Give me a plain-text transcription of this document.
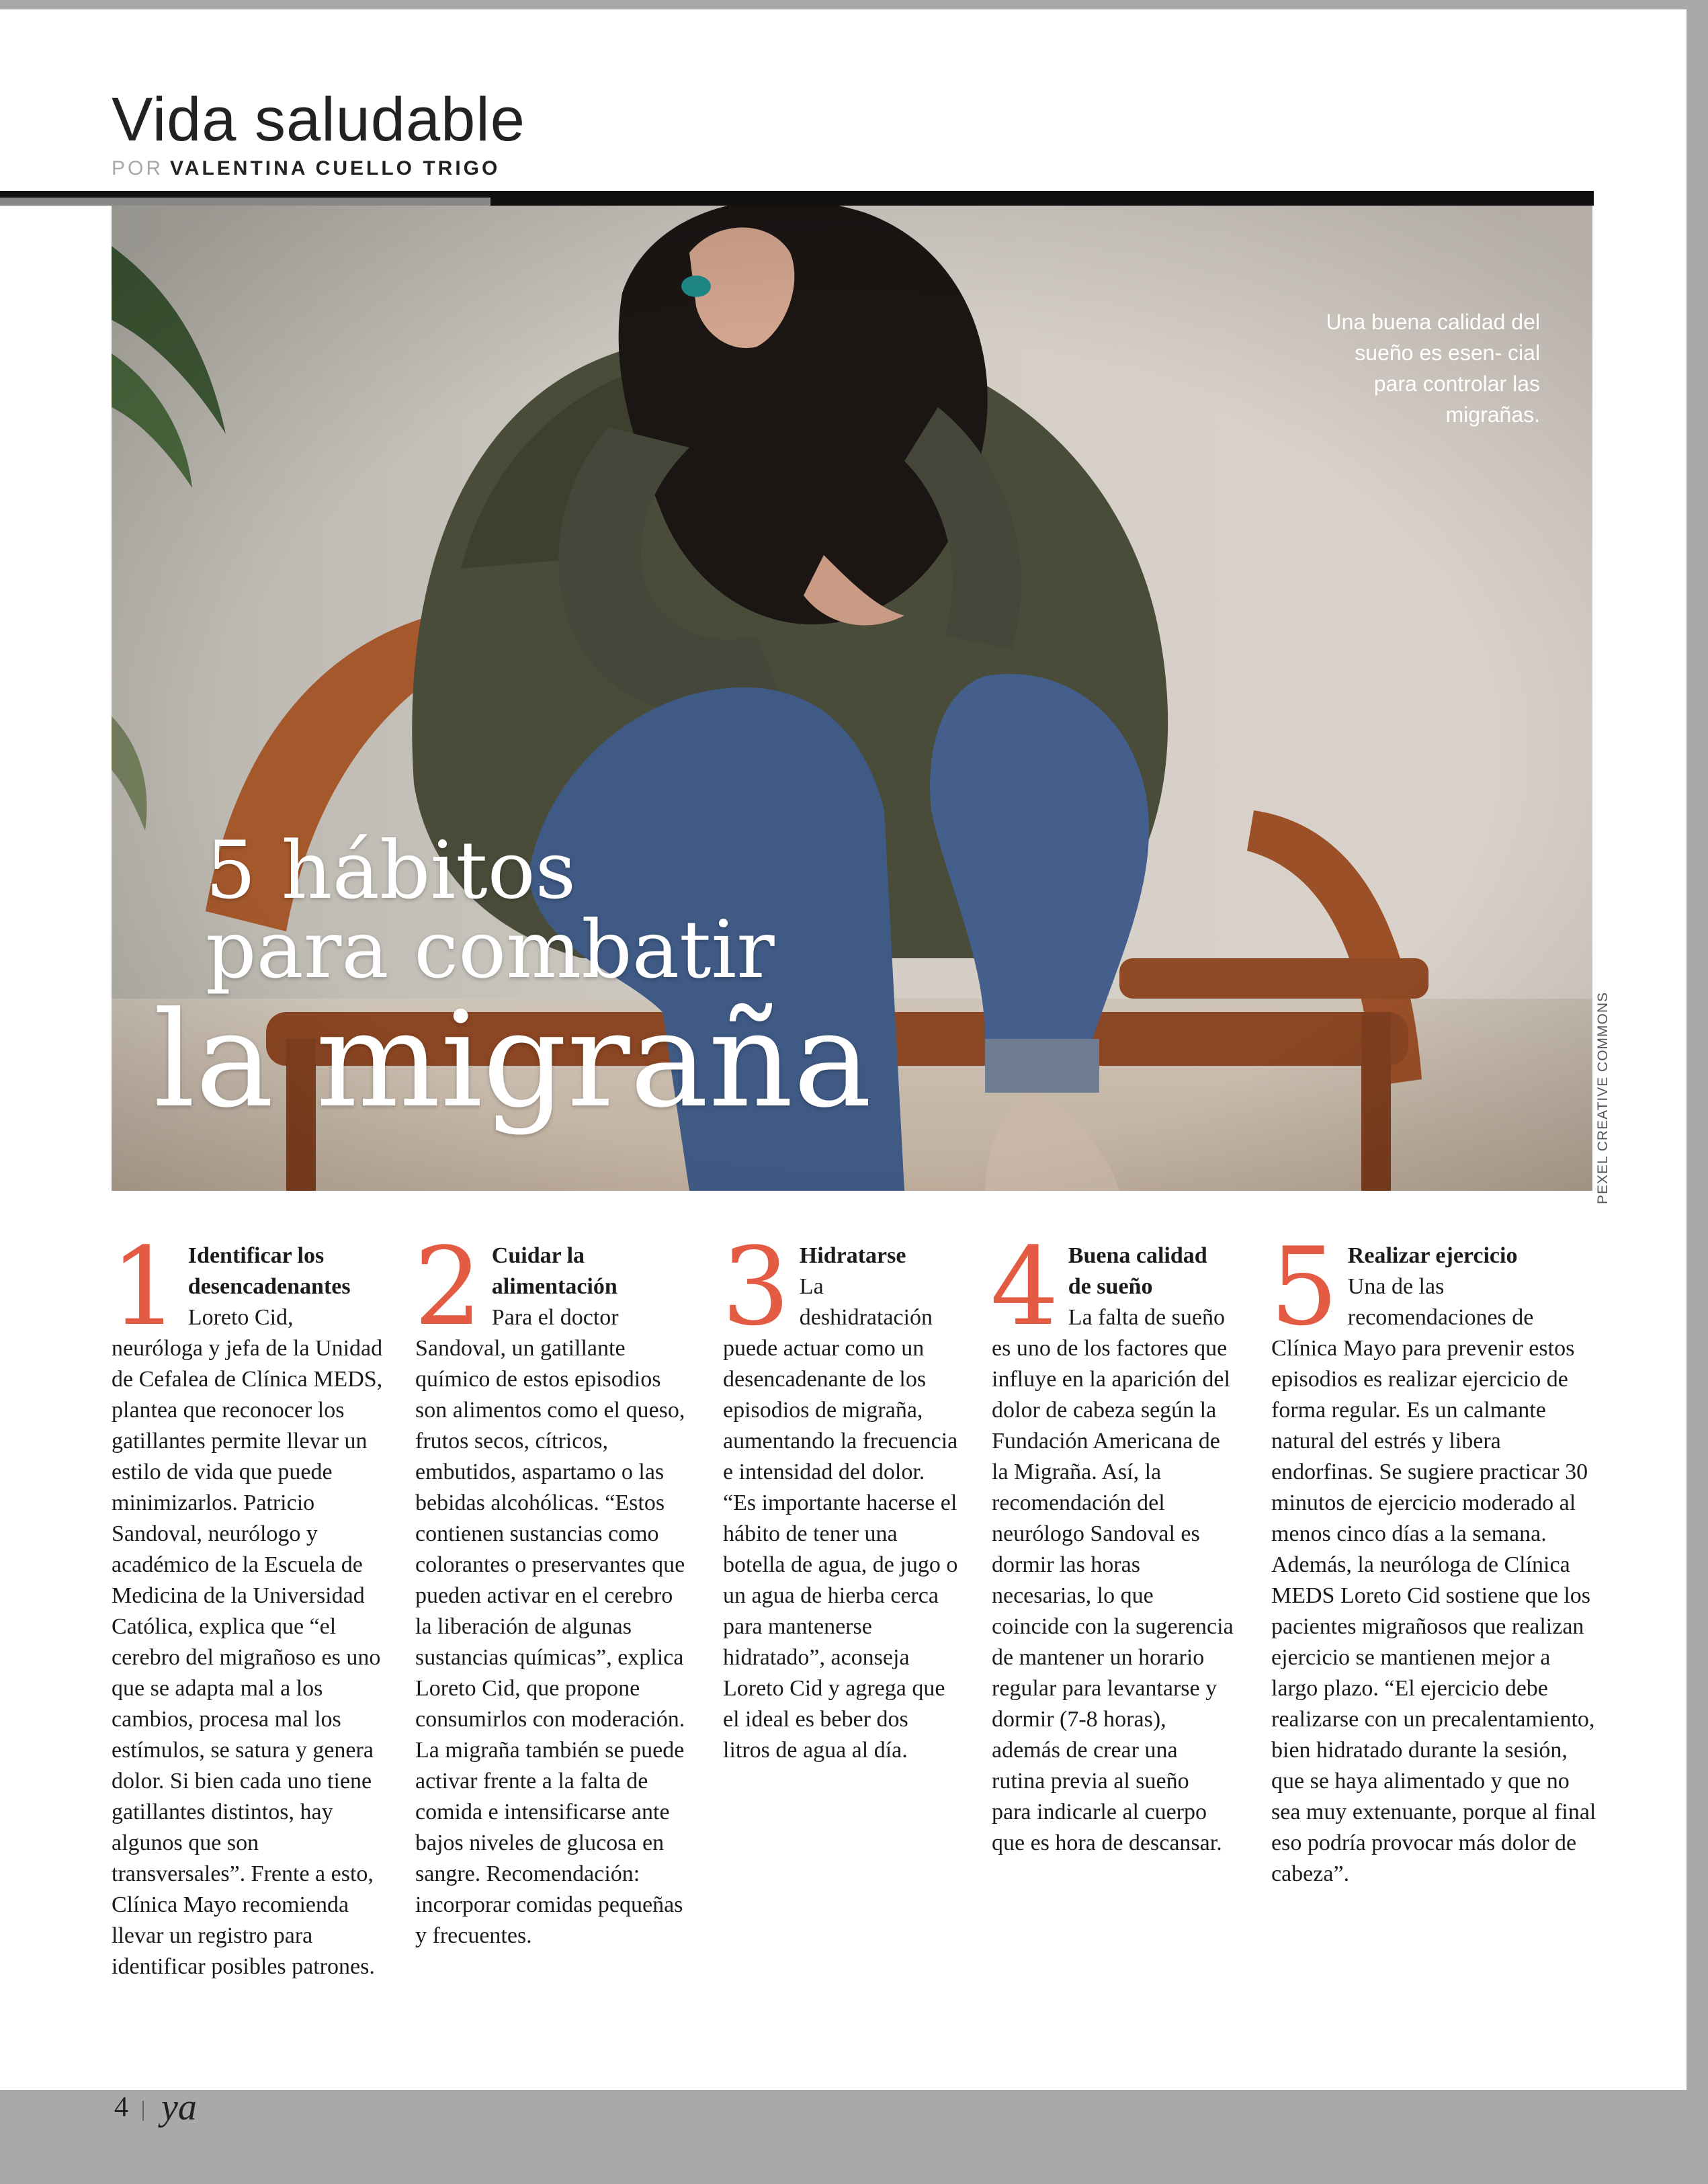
Vida saludable
POR VALENTINA CUELLO TRIGO
Una buena calidad del sueño es esen- cial para controlar las migrañas.
5 hábitos
para combatir
la migraña	PEXEL CREATIVE COMMONS
1 Identificar los desencadenantes

Loreto Cid, neuróloga y jefa de la Unidad de Cefalea de Clínica MEDS, plantea que reconocer los gatillantes permite llevar un estilo de vida que puede minimizarlos. Patricio Sandoval, neurólogo y académico de la Escuela de Medicina de la Universidad Católica, explica que “el cerebro del migrañoso es uno que se adapta mal a los cambios, procesa mal los estímulos, se satura y genera dolor. Si bien cada uno tiene gatillantes distintos, hay algunos que son transversales”. Frente a esto, Clínica Mayo recomienda llevar un registro para identificar posibles patrones.

2 Cuidar la alimentación

Para el doctor Sandoval, un gatillante químico de estos episodios son alimentos como el queso, frutos secos, cítricos, embutidos, aspartamo o las bebidas alcohólicas. “Estos contienen sustancias como colorantes o preservantes que pueden activar en el cerebro la liberación de algunas sustancias químicas”, explica Loreto Cid, que propone consumirlos con moderación. La migraña también se puede activar frente a la falta de comida e intensificarse ante bajos niveles de glucosa en sangre. Recomendación: incorporar comidas pequeñas y frecuentes.

3 Hidratarse

La deshidratación puede actuar como un desencadenante de los episodios de migraña, aumentando la frecuencia e intensidad del dolor. “Es importante hacerse el hábito de tener una botella de agua, de jugo o un agua de hierba cerca para mantenerse hidratado”, aconseja Loreto Cid y agrega que el ideal es beber dos litros de agua al día.

4 Buena calidad de sueño

La falta de sueño es uno de los factores que influye en la aparición del dolor de cabeza según la Fundación Americana de la Migraña. Así, la recomendación del neurólogo Sandoval es dormir las horas necesarias, lo que coincide con la sugerencia de mantener un horario regular para levantarse y dormir (7-8 horas), además de crear una rutina previa al sueño para indicarle al cuerpo que es hora de descansar.

5 Realizar ejercicio

Una de las recomendaciones de Clínica Mayo para prevenir estos episodios es realizar ejercicio de forma regular. Es un calmante natural del estrés y libera endorfinas. Se sugiere practicar 30 minutos de ejercicio moderado al menos cinco días a la semana. Además, la neuróloga de Clínica MEDS Loreto Cid sostiene que los pacientes migrañosos que realizan ejercicio se mantienen mejor a largo plazo. “El ejercicio debe realizarse con un precalentamiento, bien hidratado durante la sesión, que se haya alimentado y que no sea muy extenuante, porque al final eso podría provocar más dolor de cabeza”.

4 ya
